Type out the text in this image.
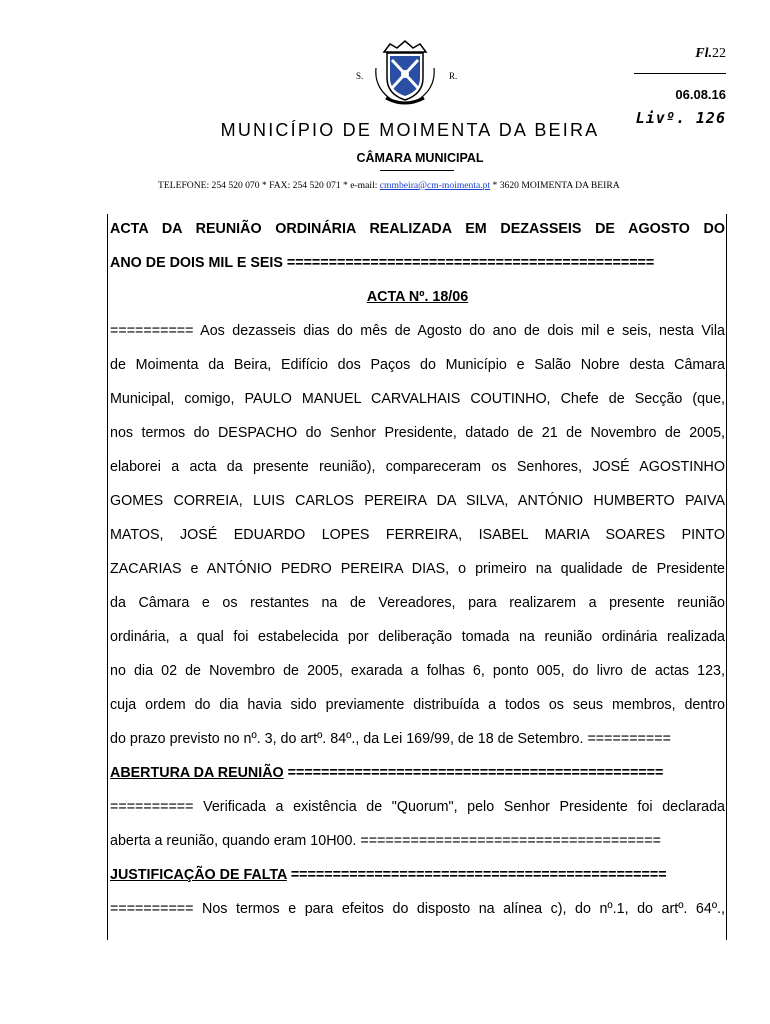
S.	R.
Fl.22
06.08.16
Livº. 126
MUNICÍPIO DE MOIMENTA DA BEIRA
CÂMARA MUNICIPAL
TELEFONE: 254 520 070 * FAX: 254 520 071 * e-mail: cmmbeira@cm-moimenta.pt * 3620 MOIMENTA DA BEIRA
ACTA DA REUNIÃO ORDINÁRIA REALIZADA EM DEZASSEIS DE AGOSTO DO
ANO DE DOIS MIL E SEIS ============================================
ACTA Nº. 18/06
========== Aos dezasseis dias do mês de Agosto do ano de dois mil e seis, nesta Vila
de Moimenta da Beira, Edifício dos Paços do Município e Salão Nobre desta Câmara
Municipal, comigo, PAULO MANUEL CARVALHAIS COUTINHO, Chefe de Secção (que,
nos termos do DESPACHO do Senhor Presidente, datado de 21 de Novembro de 2005,
elaborei a acta da presente reunião), compareceram os Senhores, JOSÉ AGOSTINHO
GOMES CORREIA, LUIS CARLOS PEREIRA DA SILVA, ANTÓNIO HUMBERTO PAIVA
MATOS, JOSÉ EDUARDO LOPES FERREIRA, ISABEL MARIA SOARES PINTO
ZACARIAS e ANTÓNIO PEDRO PEREIRA DIAS, o primeiro na qualidade de Presidente
da Câmara e os restantes na de Vereadores, para realizarem a presente reunião
ordinária, a qual foi estabelecida por deliberação tomada na reunião ordinária realizada
no dia 02 de Novembro de 2005, exarada a folhas 6, ponto 005, do livro de actas 123,
cuja ordem do dia havia sido previamente distribuída a todos os seus membros, dentro
do prazo previsto no nº. 3, do artº. 84º., da Lei 169/99, de 18 de Setembro. ==========
ABERTURA DA REUNIÃO =============================================
========== Verificada a existência de "Quorum", pelo Senhor Presidente foi declarada
aberta a reunião, quando eram 10H00. ====================================
JUSTIFICAÇÃO DE FALTA =============================================
========== Nos termos e para efeitos do disposto na alínea c), do nº.1, do artº. 64º.,
